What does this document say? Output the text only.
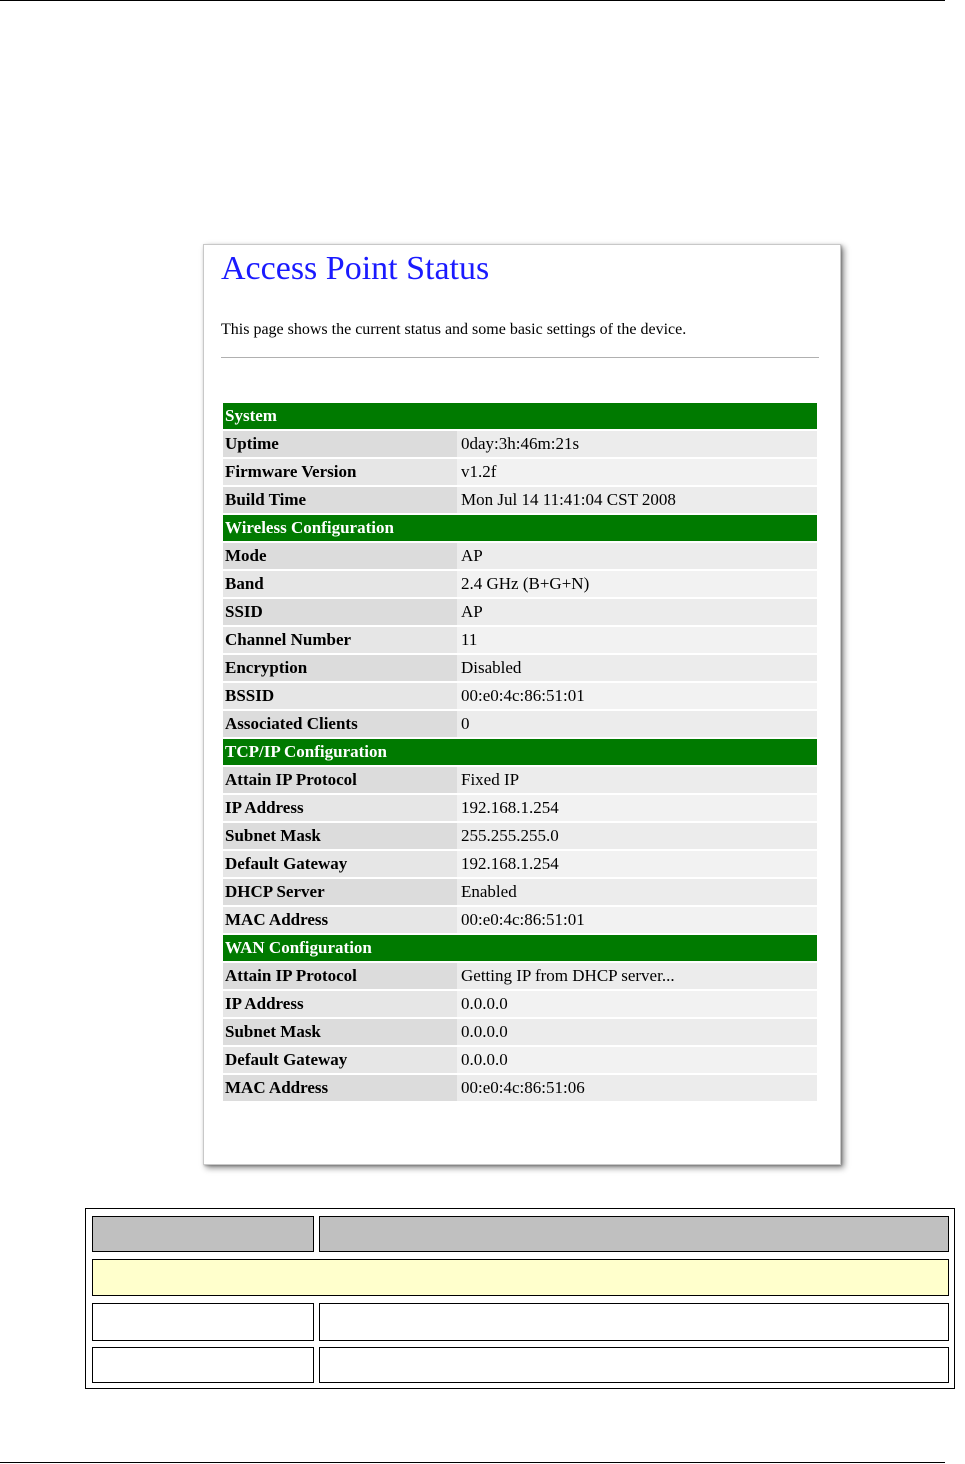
Access Point Status
This page shows the current status and some basic settings of the device.
System	
Uptime	0day:3h:46m:21s
Firmware Version	v1.2f
Build Time	Mon Jul 14 11:41:04 CST 2008
Wireless Configuration	
Mode	AP
Band	2.4 GHz (B+G+N)
SSID	AP
Channel Number	11
Encryption	Disabled
BSSID	00:e0:4c:86:51:01
Associated Clients	0
TCP/IP Configuration	
Attain IP Protocol	Fixed IP
IP Address	192.168.1.254
Subnet Mask	255.255.255.0
Default Gateway	192.168.1.254
DHCP Server	Enabled
MAC Address	00:e0:4c:86:51:01
WAN Configuration	
Attain IP Protocol	Getting IP from DHCP server...
IP Address	0.0.0.0
Subnet Mask	0.0.0.0
Default Gateway	0.0.0.0
MAC Address	00:e0:4c:86:51:06
